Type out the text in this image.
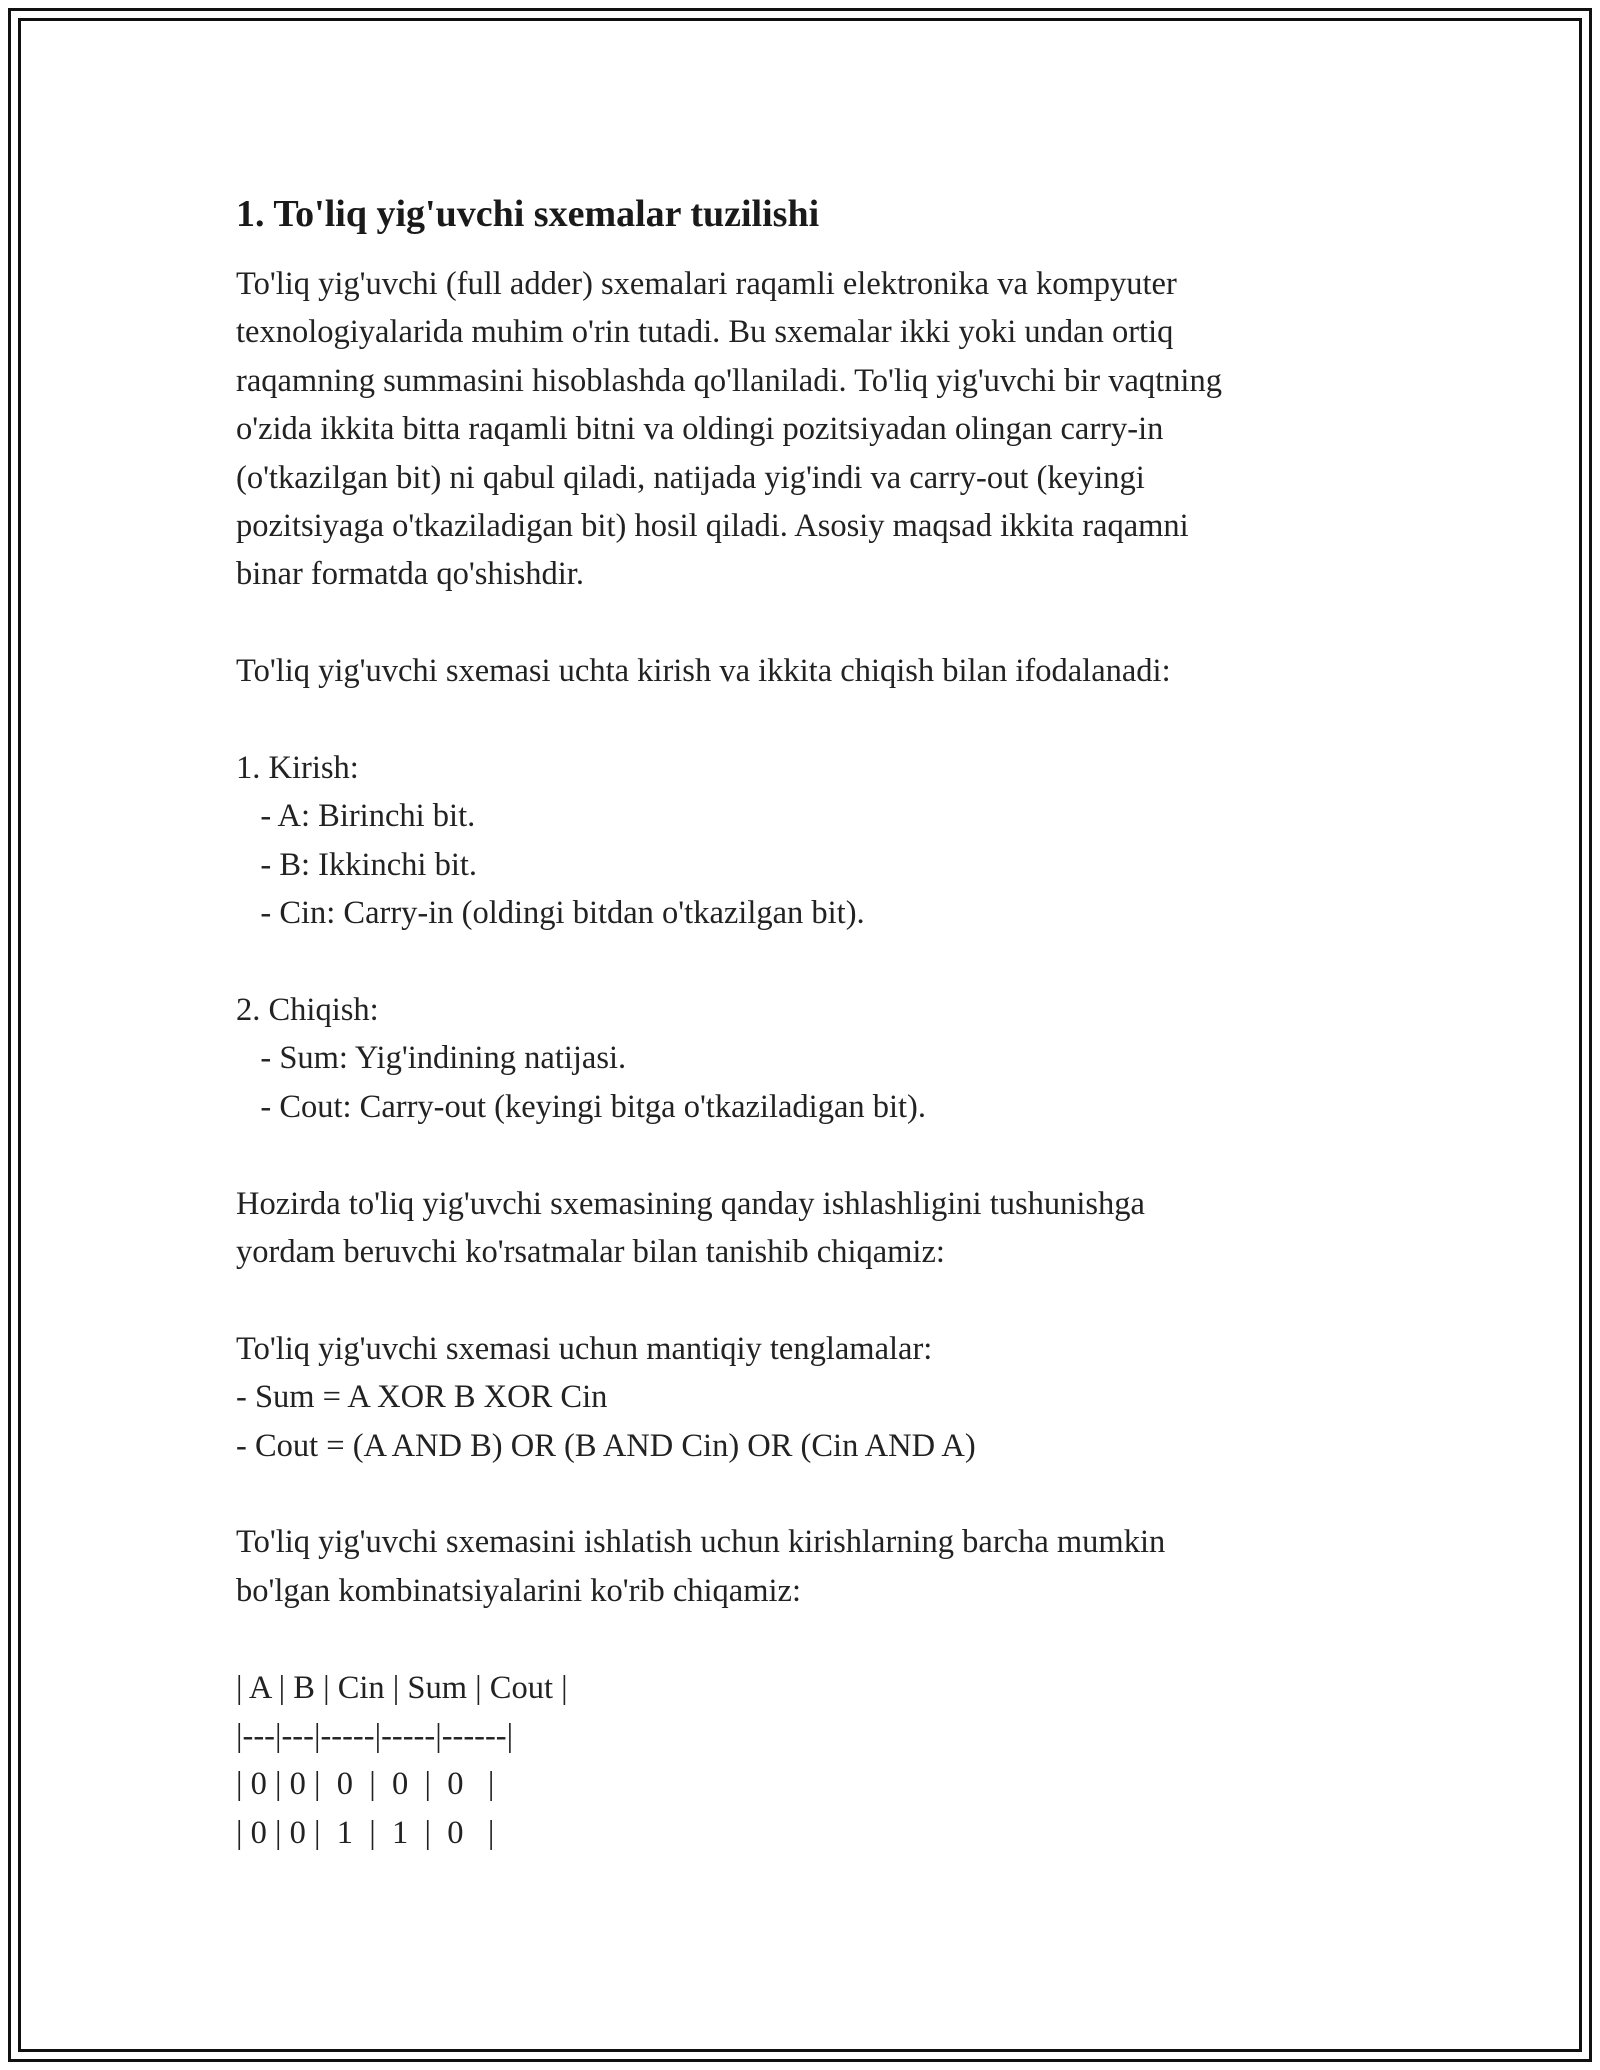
1. To'liq yig'uvchi sxemalar tuzilishi

To'liq yig'uvchi (full adder) sxemalari raqamli elektronika va kompyuter

texnologiyalarida muhim o'rin tutadi. Bu sxemalar ikki yoki undan ortiq

raqamning summasini hisoblashda qo'llaniladi. To'liq yig'uvchi bir vaqtning

o'zida ikkita bitta raqamli bitni va oldingi pozitsiyadan olingan carry-in

(o'tkazilgan bit) ni qabul qiladi, natijada yig'indi va carry-out (keyingi

pozitsiyaga o'tkaziladigan bit) hosil qiladi. Asosiy maqsad ikkita raqamni

binar formatda qo'shishdir.

To'liq yig'uvchi sxemasi uchta kirish va ikkita chiqish bilan ifodalanadi:

1. Kirish:

- A: Birinchi bit.

- B: Ikkinchi bit.

- Cin: Carry-in (oldingi bitdan o'tkazilgan bit).

2. Chiqish:

- Sum: Yig'indining natijasi.

- Cout: Carry-out (keyingi bitga o'tkaziladigan bit).

Hozirda to'liq yig'uvchi sxemasining qanday ishlashligini tushunishga

yordam beruvchi ko'rsatmalar bilan tanishib chiqamiz:

To'liq yig'uvchi sxemasi uchun mantiqiy tenglamalar:

- Sum = A XOR B XOR Cin

- Cout = (A AND B) OR (B AND Cin) OR (Cin AND A)

To'liq yig'uvchi sxemasini ishlatish uchun kirishlarning barcha mumkin

bo'lgan kombinatsiyalarini ko'rib chiqamiz:

| A | B | Cin | Sum | Cout |

|---|---|-----|-----|------|

| 0 | 0 |  0  |  0  |  0   |

| 0 | 0 |  1  |  1  |  0   |
